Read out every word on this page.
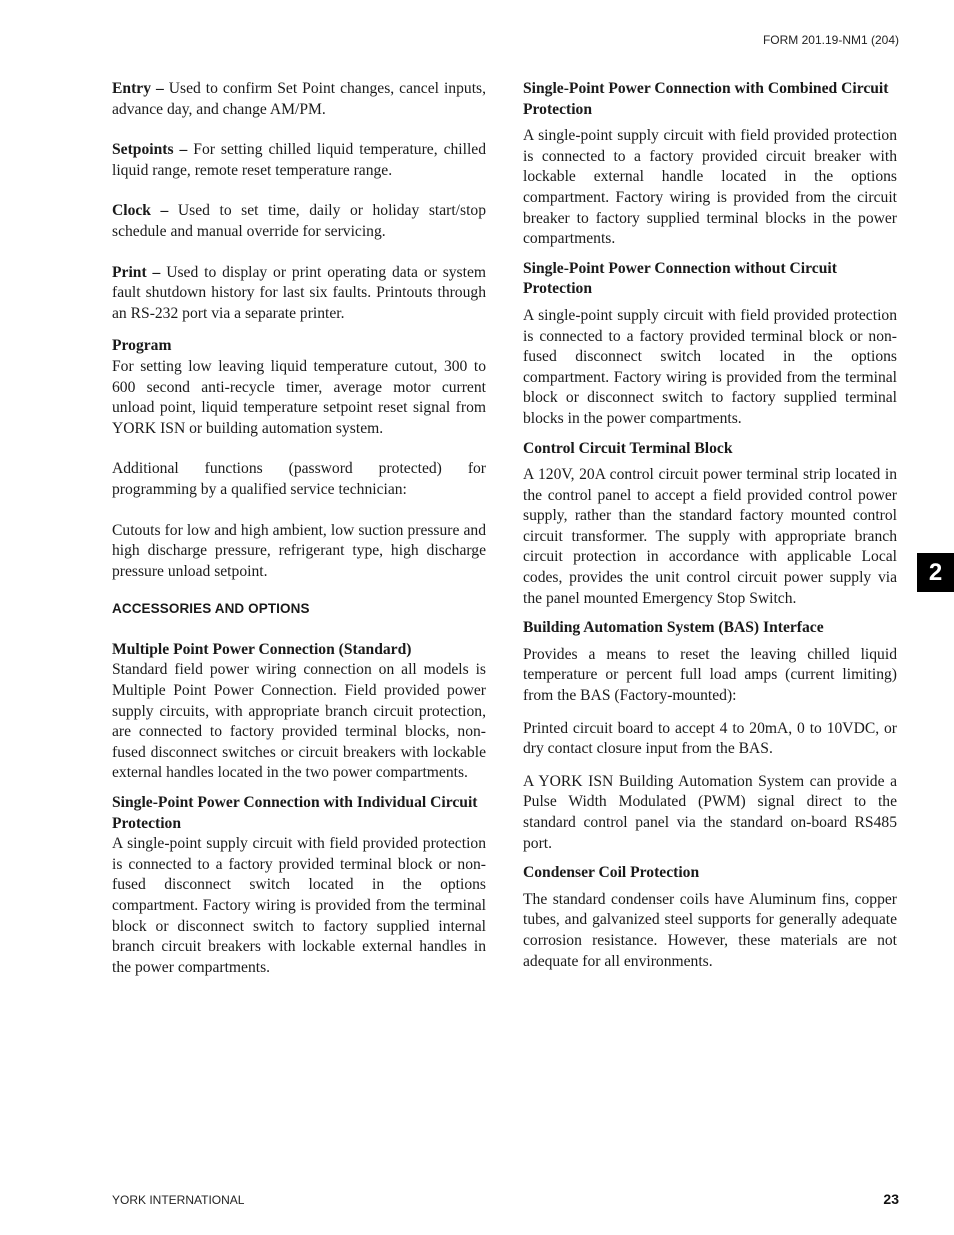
FORM 201.19-NM1 (204)

Entry – Used to confirm Set Point changes, cancel inputs, advance day, and change AM/PM.

Setpoints – For setting chilled liquid temperature, chilled liquid range, remote reset temperature range.

Clock – Used to set time, daily or holiday start/stop schedule and manual override for servicing.

Print – Used to display or print operating data or system fault shutdown history for last six faults. Printouts through an RS-232 port via a separate printer.

Program

For setting low leaving liquid temperature cutout, 300 to 600 second anti-recycle timer, average motor current unload point, liquid temperature setpoint reset signal from YORK ISN or building automation system.

Additional functions (password protected) for programming by a qualified service technician:

Cutouts for low and high ambient, low suction pressure and high discharge pressure, refrigerant type, high discharge pressure unload setpoint.

ACCESSORIES AND OPTIONS

Multiple Point Power Connection (Standard)

Standard field power wiring connection on all models is Multiple Point Power Connection. Field provided power supply circuits, with appropriate branch circuit protection, are connected to factory provided terminal blocks, non-fused disconnect switches or circuit breakers with lockable external handles located in the two power compartments.

Single-Point Power Connection with Individual Circuit Protection

A single-point supply circuit with field provided protection is connected to a factory provided terminal block or non-fused disconnect switch located in the options compartment. Factory wiring is provided from the terminal block or disconnect switch to factory supplied internal branch circuit breakers with lockable external handles in the power compartments.

Single-Point Power Connection with Combined Circuit Protection

A single-point supply circuit with field provided protection is connected to a factory provided circuit breaker with lockable external handle located in the options compartment. Factory wiring is provided from the circuit breaker to factory supplied terminal blocks in the power compartments.

Single-Point Power Connection without Circuit Protection

A single-point supply circuit with field provided protection is connected to a factory provided terminal block or non-fused disconnect switch located in the options compartment. Factory wiring is provided from the terminal block or disconnect switch to factory supplied terminal blocks in the power compartments.

Control Circuit Terminal Block

A 120V, 20A control circuit power terminal strip located in the control panel to accept a field provided control power supply, rather than the standard factory mounted control circuit transformer. The supply with appropriate branch circuit protection in accordance with applicable Local codes, provides the unit control circuit power supply via the panel mounted Emergency Stop Switch.

Building Automation System (BAS) Interface

Provides a means to reset the leaving chilled liquid temperature or percent full load amps (current limiting) from the BAS (Factory-mounted):

Printed circuit board to accept 4 to 20mA, 0 to 10VDC, or dry contact closure input from the BAS.

A YORK ISN Building Automation System can provide a Pulse Width Modulated (PWM) signal direct to the standard control panel via the standard on-board RS485 port.

Condenser Coil Protection

The standard condenser coils have Aluminum fins, copper tubes, and galvanized steel supports for generally adequate corrosion resistance. However, these materials are not adequate for all environments.

2
YORK INTERNATIONAL	23
